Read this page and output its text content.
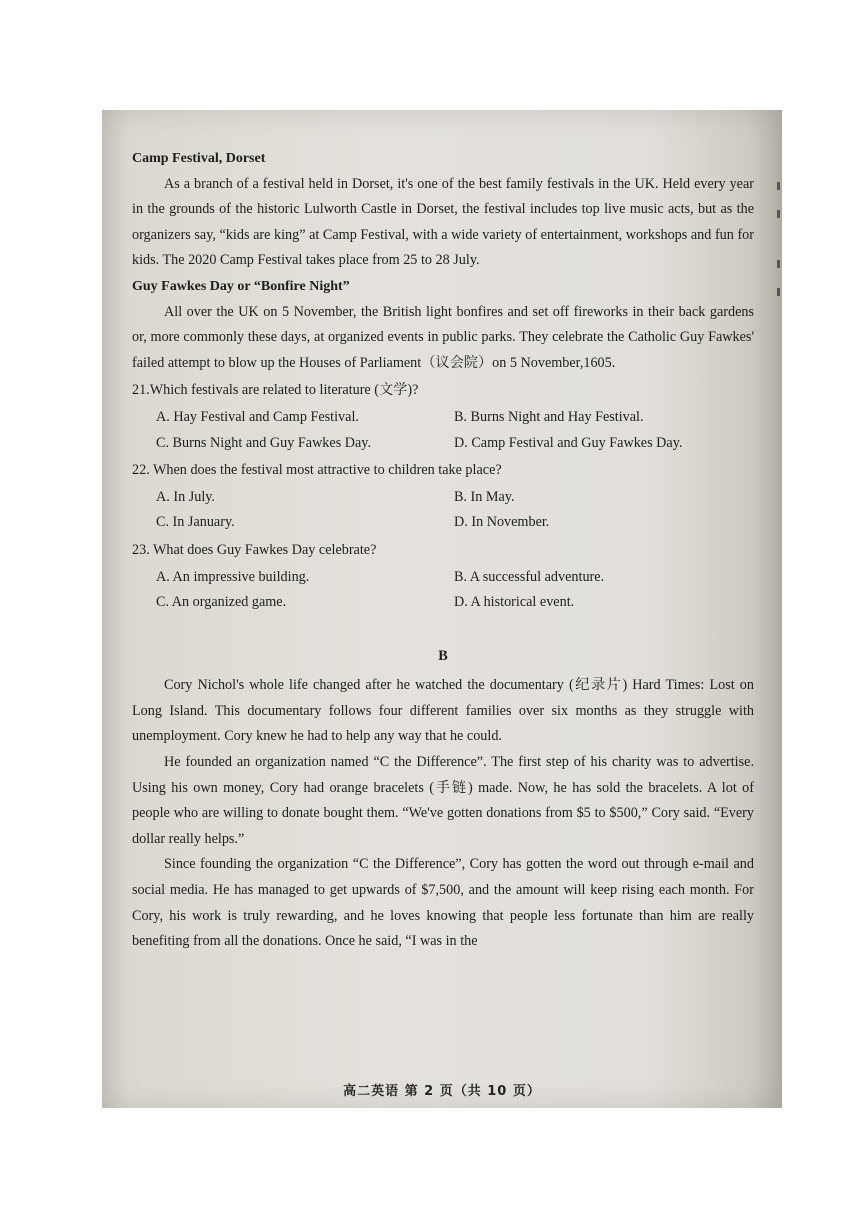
Camp Festival, Dorset

As a branch of a festival held in Dorset, it's one of the best family festivals in the UK. Held every year in the grounds of the historic Lulworth Castle in Dorset, the festival includes top live music acts, but as the organizers say, “kids are king” at Camp Festival, with a wide variety of entertainment, workshops and fun for kids. The 2020 Camp Festival takes place from 25 to 28 July.

Guy Fawkes Day or “Bonfire Night”

All over the UK on 5 November, the British light bonfires and set off fireworks in their back gardens or, more commonly these days, at organized events in public parks. They celebrate the Catholic Guy Fawkes' failed attempt to blow up the Houses of Parliament（议会院）on 5 November,1605.

21.Which festivals are related to literature (文学)?

A. Hay Festival and Camp Festival.	B. Burns Night and Hay Festival.
C. Burns Night and Guy Fawkes Day.	D. Camp Festival and Guy Fawkes Day.

22. When does the festival most attractive to children take place?

A. In July.	B. In May.
C. In January.	D. In November.

23. What does Guy Fawkes Day celebrate?

A. An impressive building.	B. A successful adventure.
C. An organized game.	D. A historical event.
B

Cory Nichol's whole life changed after he watched the documentary (纪录片) Hard Times: Lost on Long Island. This documentary follows four different families over six months as they struggle with unemployment. Cory knew he had to help any way that he could.

He founded an organization named “C the Difference”. The first step of his charity was to advertise. Using his own money, Cory had orange bracelets (手链) made. Now, he has sold the bracelets. A lot of people who are willing to donate bought them. “We've gotten donations from $5 to $500,” Cory said. “Every dollar really helps.”

Since founding the organization “C the Difference”, Cory has gotten the word out through e-mail and social media. He has managed to get upwards of $7,500, and the amount will keep rising each month. For Cory, his work is truly rewarding, and he loves knowing that people less fortunate than him are really benefiting from all the donations. Once he said, “I was in the

高二英语 第 2 页（共 10 页）
